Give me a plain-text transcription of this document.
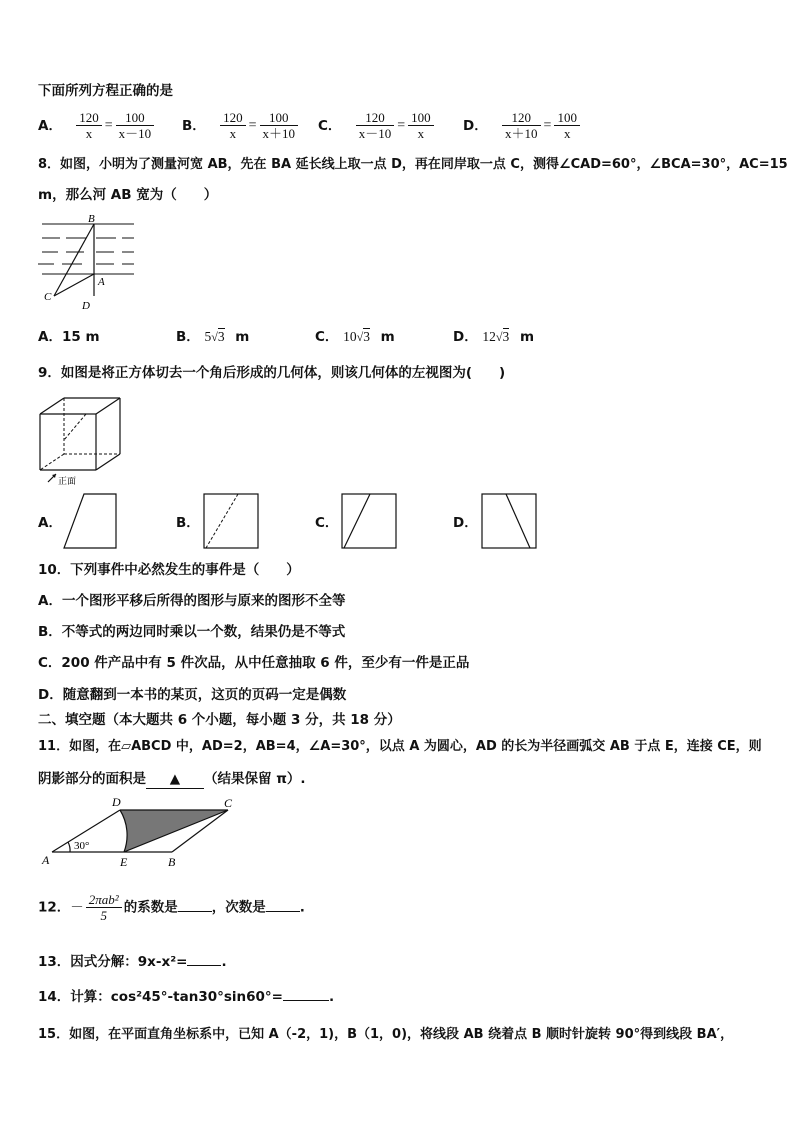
下面所列方程正确的是
A． $\frac{120}{x} = \frac{100}{x-10}$ B． $\frac{120}{x} = \frac{100}{x+10}$ C． $\frac{120}{x-10} = \frac{100}{x}$ D． $\frac{120}{x+10} = \frac{100}{x}$
8．如图，小明为了测量河宽 AB，先在 BA 延长线上取一点 D，再在同岸取一点 C，测得∠CAD=60°，∠BCA=30°，AC=15
m，那么河 AB 宽为（　　）
B
A
C
D
A．15 m	B． 5√3 m	C． 10√3 m	D． 12√3 m
9．如图是将正方体切去一个角后形成的几何体，则该几何体的左视图为(　　)
正面
A．	B．	C．	D．
10．下列事件中必然发生的事件是（　　）
A．一个图形平移后所得的图形与原来的图形不全等
B．不等式的两边同时乘以一个数，结果仍是不等式
C．200 件产品中有 5 件次品，从中任意抽取 6 件，至少有一件是正品
D．随意翻到一本书的某页，这页的页码一定是偶数
二、填空题（本大题共 6 个小题，每小题 3 分，共 18 分）
11．如图，在▱ABCD 中，AD=2，AB=4，∠A=30°，以点 A 为圆心，AD 的长为半径画弧交 AB 于点 E，连接 CE，则
阴影部分的面积是 ▲ （结果保留 π）.
D	C
A	E	B
30°
12．－ $\frac{\text{2πab²}}{5}$ 的系数是	，次数是	.
13．因式分解：9x-x²=	.
14．计算：cos²45°-tan30°sin60°=	.
15．如图，在平面直角坐标系中，已知 A（-2，1)，B（1，0)，将线段 AB 绕着点 B 顺时针旋转 90°得到线段 BA′，
